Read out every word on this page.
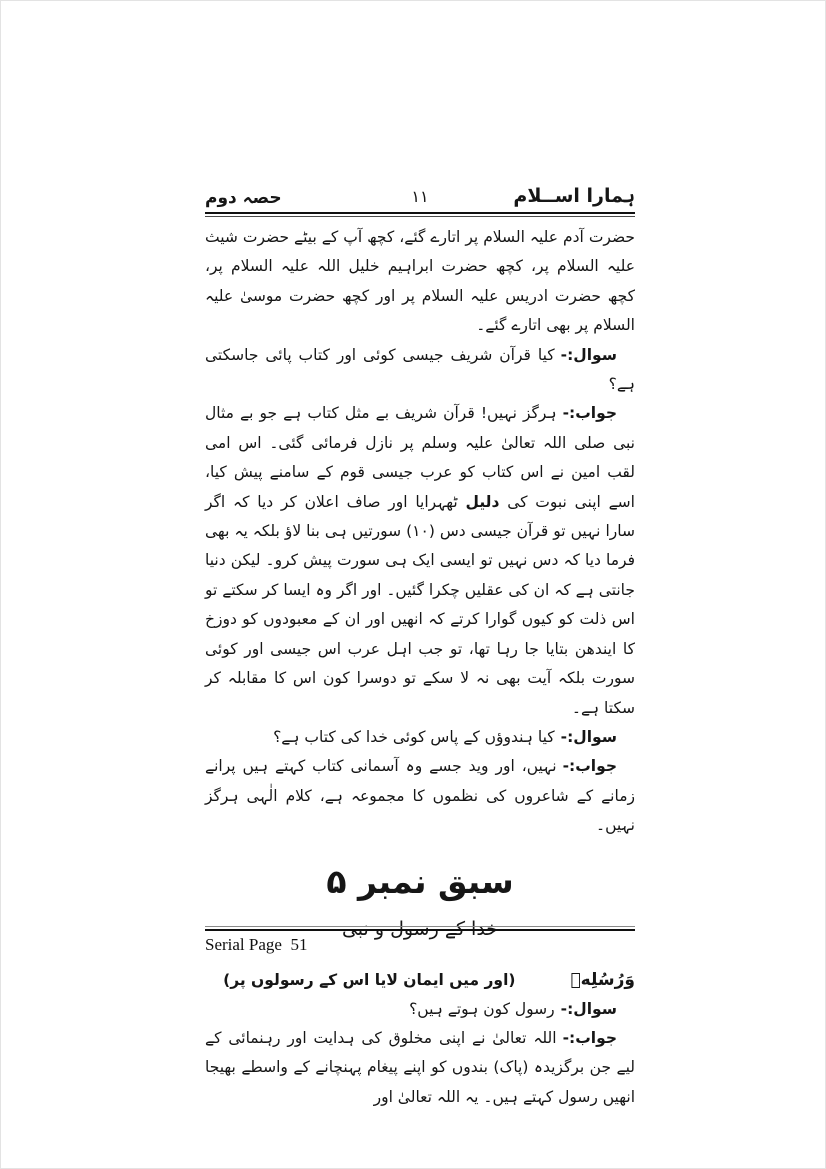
ہمارا اســلام
۱۱
حصہ دوم

حضرت آدم علیہ السلام پر اتارے گئے، کچھ آپ کے بیٹے حضرت شیث علیہ السلام پر، کچھ حضرت ابراہیم خلیل اللہ علیہ السلام پر، کچھ حضرت ادریس علیہ السلام پر اور کچھ حضرت موسیٰ علیہ السلام پر بھی اتارے گئے۔

سوال:-کیا قرآن شریف جیسی کوئی اور کتاب پائی جاسکتی ہے؟

جواب:-ہرگز نہیں! قرآن شریف بے مثل کتاب ہے جو بے مثال نبی صلی اللہ تعالیٰ علیہ وسلم پر نازل فرمائی گئی۔ اس امی لقب امین نے اس کتاب کو عرب جیسی قوم کے سامنے پیش کیا، اسے اپنی نبوت کی دلیل ٹھہرایا اور صاف اعلان کر دیا کہ اگر سارا نہیں تو قرآن جیسی دس (۱۰) سورتیں ہی بنا لاؤ بلکہ یہ بھی فرما دیا کہ دس نہیں تو ایسی ایک ہی سورت پیش کرو۔ لیکن دنیا جانتی ہے کہ ان کی عقلیں چکرا گئیں۔ اور اگر وہ ایسا کر سکتے تو اس ذلت کو کیوں گوارا کرتے کہ انھیں اور ان کے معبودوں کو دوزخ کا ایندھن بتایا جا رہا تھا، تو جب اہل عرب اس جیسی اور کوئی سورت بلکہ آیت بھی نہ لا سکے تو دوسرا کون اس کا مقابلہ کر سکتا ہے۔

سوال:-کیا ہندوؤں کے پاس کوئی خدا کی کتاب ہے؟

جواب:-نہیں، اور وید جسے وہ آسمانی کتاب کہتے ہیں پرانے زمانے کے شاعروں کی نظموں کا مجموعہ ہے، کلام الٰہی ہرگز نہیں۔

سبق نمبر ۵
خدا کے رسول و نبی
وَرُسُلِهٖ
(اور میں ایمان لایا اس کے رسولوں پر)

سوال:-رسول کون ہوتے ہیں؟

جواب:-اللہ تعالیٰ نے اپنی مخلوق کی ہدایت اور رہنمائی کے لیے جن برگزیدہ (پاک) بندوں کو اپنے پیغام پہنچانے کے واسطے بھیجا انھیں رسول کہتے ہیں۔ یہ اللہ تعالیٰ اور

Serial Page  51
